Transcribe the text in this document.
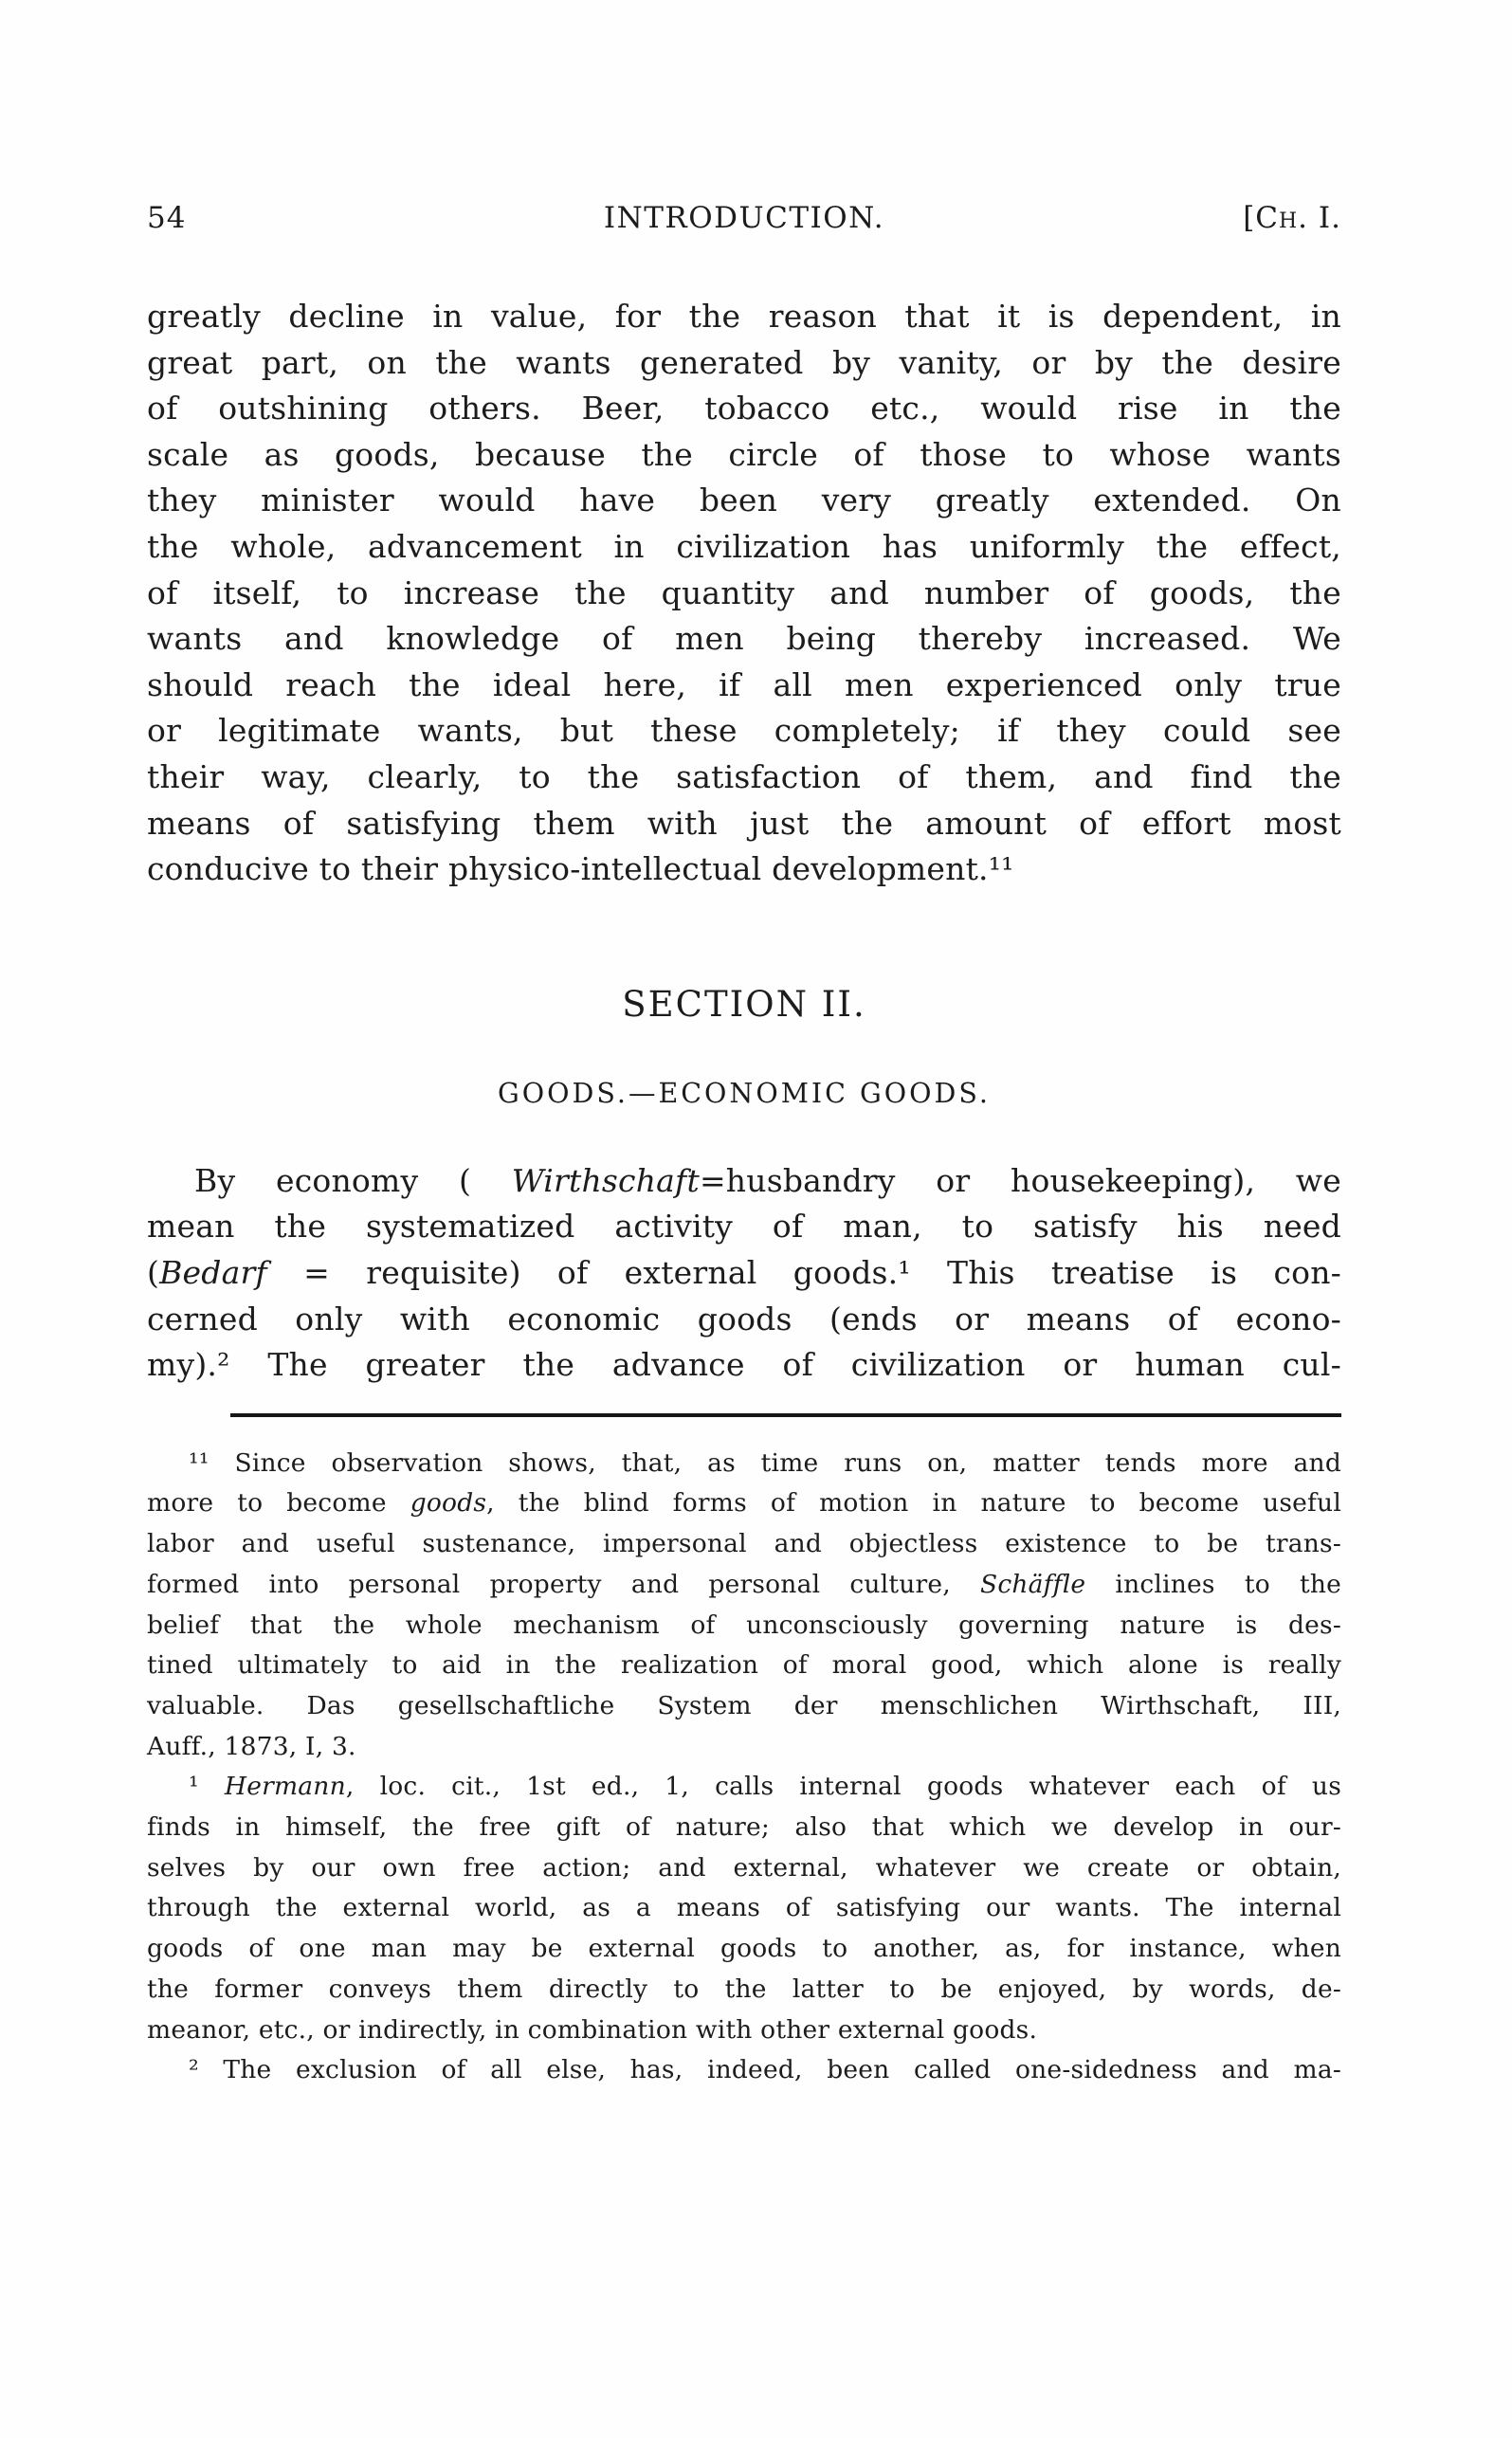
54	INTRODUCTION.	[Ch. I.
greatly decline in value, for the reason that it is dependent, in
great part, on the wants generated by vanity, or by the desire
of outshining others. Beer, tobacco etc., would rise in the
scale as goods, because the circle of those to whose wants
they minister would have been very greatly extended. On
the whole, advancement in civilization has uniformly the effect,
of itself, to increase the quantity and number of goods, the
wants and knowledge of men being thereby increased. We
should reach the ideal here, if all men experienced only true
or legitimate wants, but these completely; if they could see
their way, clearly, to the satisfaction of them, and find the
means of satisfying them with just the amount of effort most
conducive to their physico-intellectual development.¹¹
SECTION II.
GOODS.—ECONOMIC GOODS.
By economy ( Wirthschaft=husbandry or housekeeping), we
mean the systematized activity of man, to satisfy his need
(Bedarf = requisite) of external goods.¹ This treatise is con-
cerned only with economic goods (ends or means of econo-
my).² The greater the advance of civilization or human cul-
¹¹ Since observation shows, that, as time runs on, matter tends more and
more to become goods, the blind forms of motion in nature to become useful
labor and useful sustenance, impersonal and objectless existence to be trans-
formed into personal property and personal culture, Schäffle inclines to the
belief that the whole mechanism of unconsciously governing nature is des-
tined ultimately to aid in the realization of moral good, which alone is really
valuable. Das gesellschaftliche System der menschlichen Wirthschaft, III,
Auff., 1873, I, 3.
¹ Hermann, loc. cit., 1st ed., 1, calls internal goods whatever each of us
finds in himself, the free gift of nature; also that which we develop in our-
selves by our own free action; and external, whatever we create or obtain,
through the external world, as a means of satisfying our wants. The internal
goods of one man may be external goods to another, as, for instance, when
the former conveys them directly to the latter to be enjoyed, by words, de-
meanor, etc., or indirectly, in combination with other external goods.
² The exclusion of all else, has, indeed, been called one-sidedness and ma-
